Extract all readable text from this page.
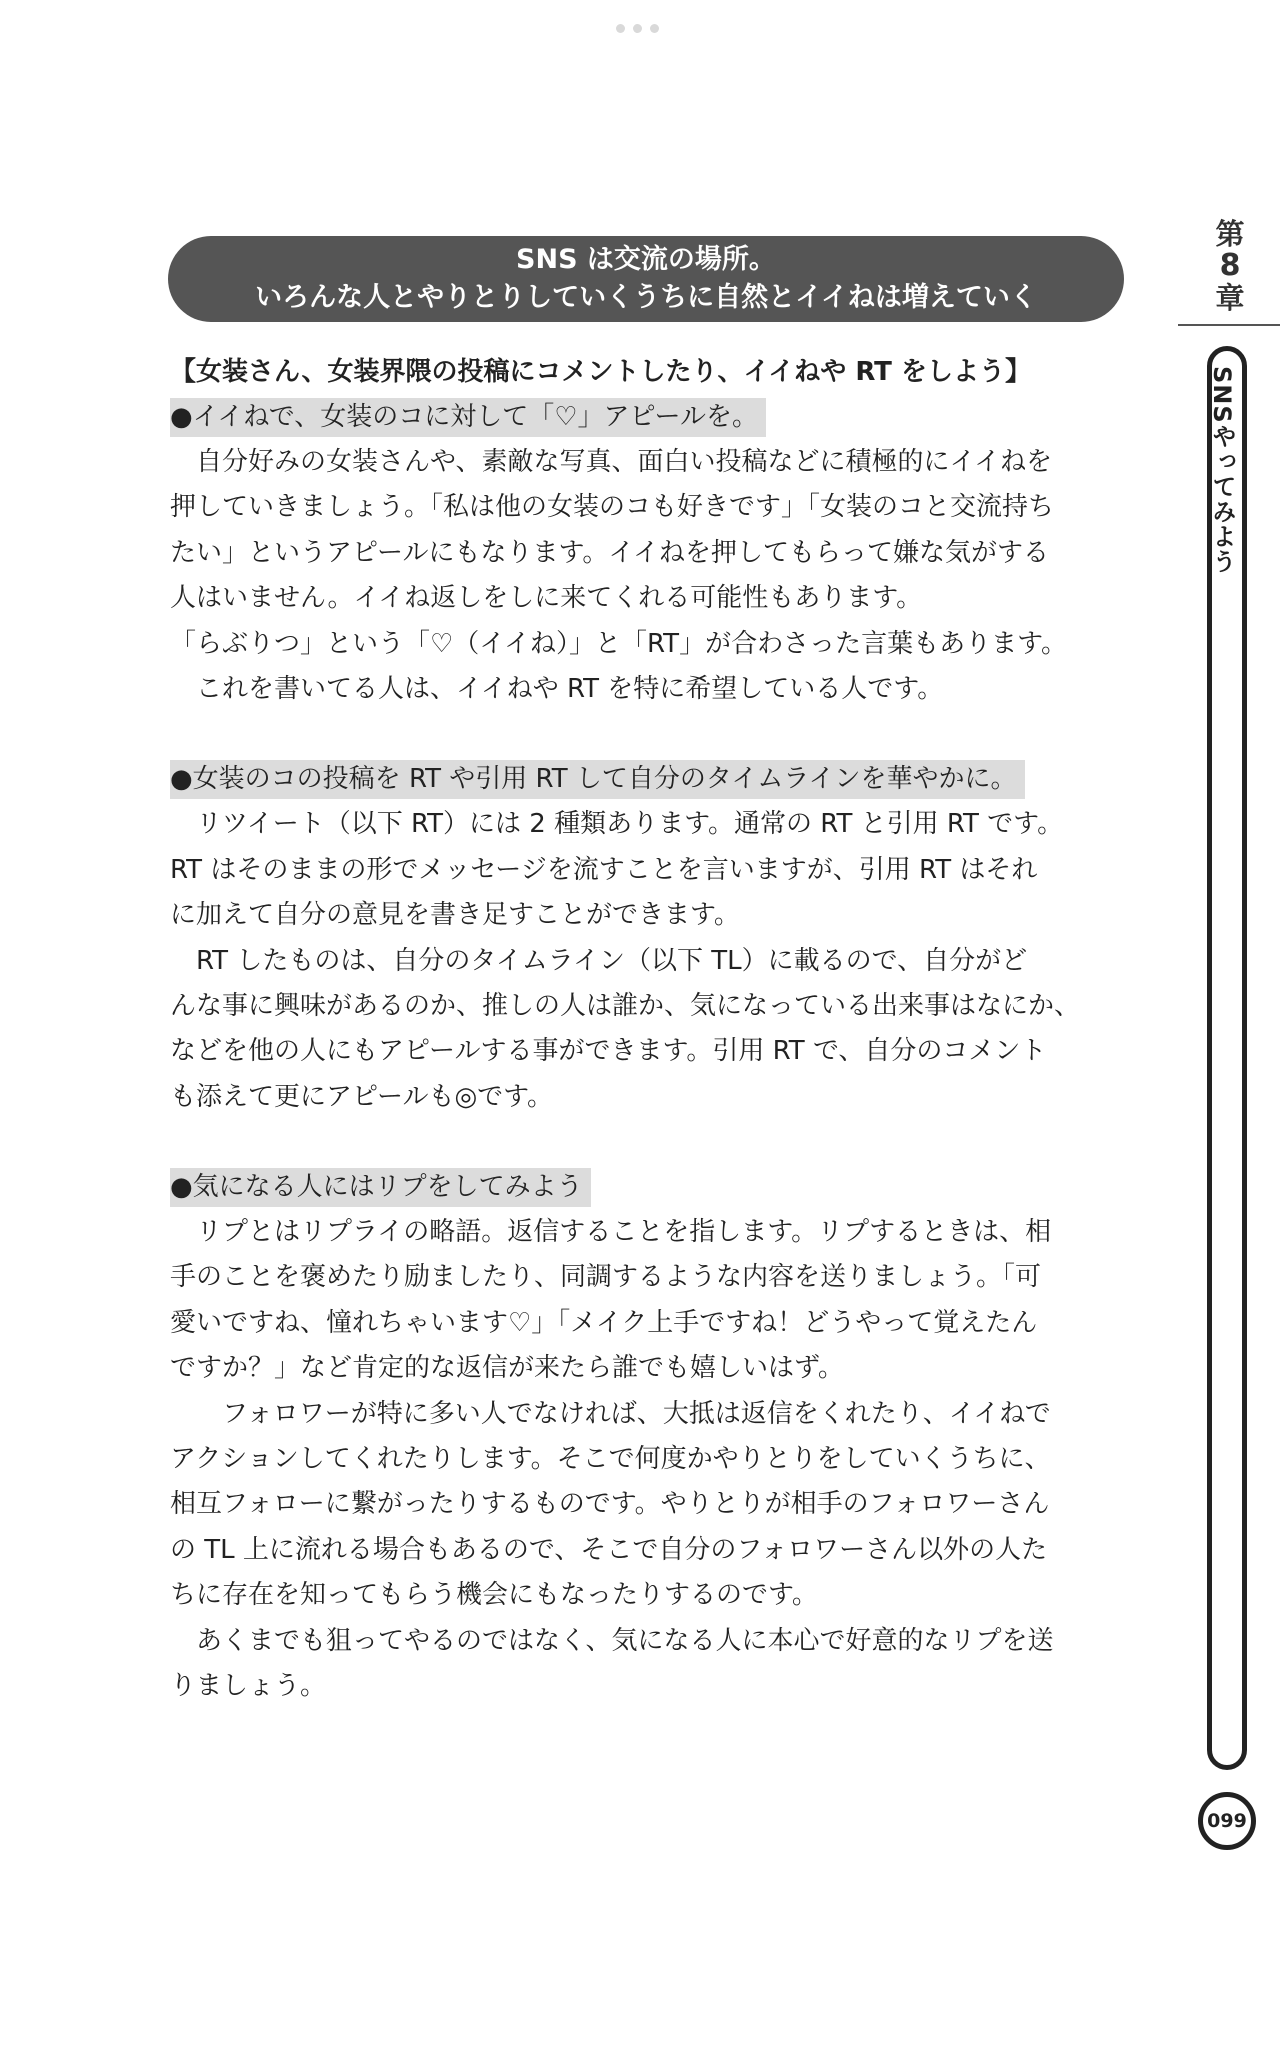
SNS は交流の場所。
いろんな人とやりとりしていくうちに自然とイイねは増えていく
【女装さん、女装界隈の投稿にコメントしたり、イイねや RT をしよう】
●イイねで、女装のコに対して「♡」アピールを。
　自分好みの女装さんや、素敵な写真、面白い投稿などに積極的にイイねを
押していきましょう。「私は他の女装のコも好きです」「女装のコと交流持ち
たい」というアピールにもなります。イイねを押してもらって嫌な気がする
人はいません。イイね返しをしに来てくれる可能性もあります。
「らぶりつ」という「♡（イイね）」と「RT」が合わさった言葉もあります。
　これを書いてる人は、イイねや RT を特に希望している人です。
●女装のコの投稿を RT や引用 RT して自分のタイムラインを華やかに。
　リツイート（以下 RT）には 2 種類あります。通常の RT と引用 RT です。
RT はそのままの形でメッセージを流すことを言いますが、引用 RT はそれ
に加えて自分の意見を書き足すことができます。
　RT したものは、自分のタイムライン（以下 TL）に載るので、自分がど
んな事に興味があるのか、推しの人は誰か、気になっている出来事はなにか、
などを他の人にもアピールする事ができます。引用 RT で、自分のコメント
も添えて更にアピールも◎です。
●気になる人にはリプをしてみよう
　リプとはリプライの略語。返信することを指します。リプするときは、相
手のことを褒めたり励ましたり、同調するような内容を送りましょう。「可
愛いですね、憧れちゃいます♡」「メイク上手ですね！どうやって覚えたん
ですか？」など肯定的な返信が来たら誰でも嬉しいはず。
　　フォロワーが特に多い人でなければ、大抵は返信をくれたり、イイねで
アクションしてくれたりします。そこで何度かやりとりをしていくうちに、
相互フォローに繋がったりするものです。やりとりが相手のフォロワーさん
の TL 上に流れる場合もあるので、そこで自分のフォロワーさん以外の人た
ちに存在を知ってもらう機会にもなったりするのです。
　あくまでも狙ってやるのではなく、気になる人に本心で好意的なリプを送
りましょう。
第
8
章
SNSやってみよう
099
